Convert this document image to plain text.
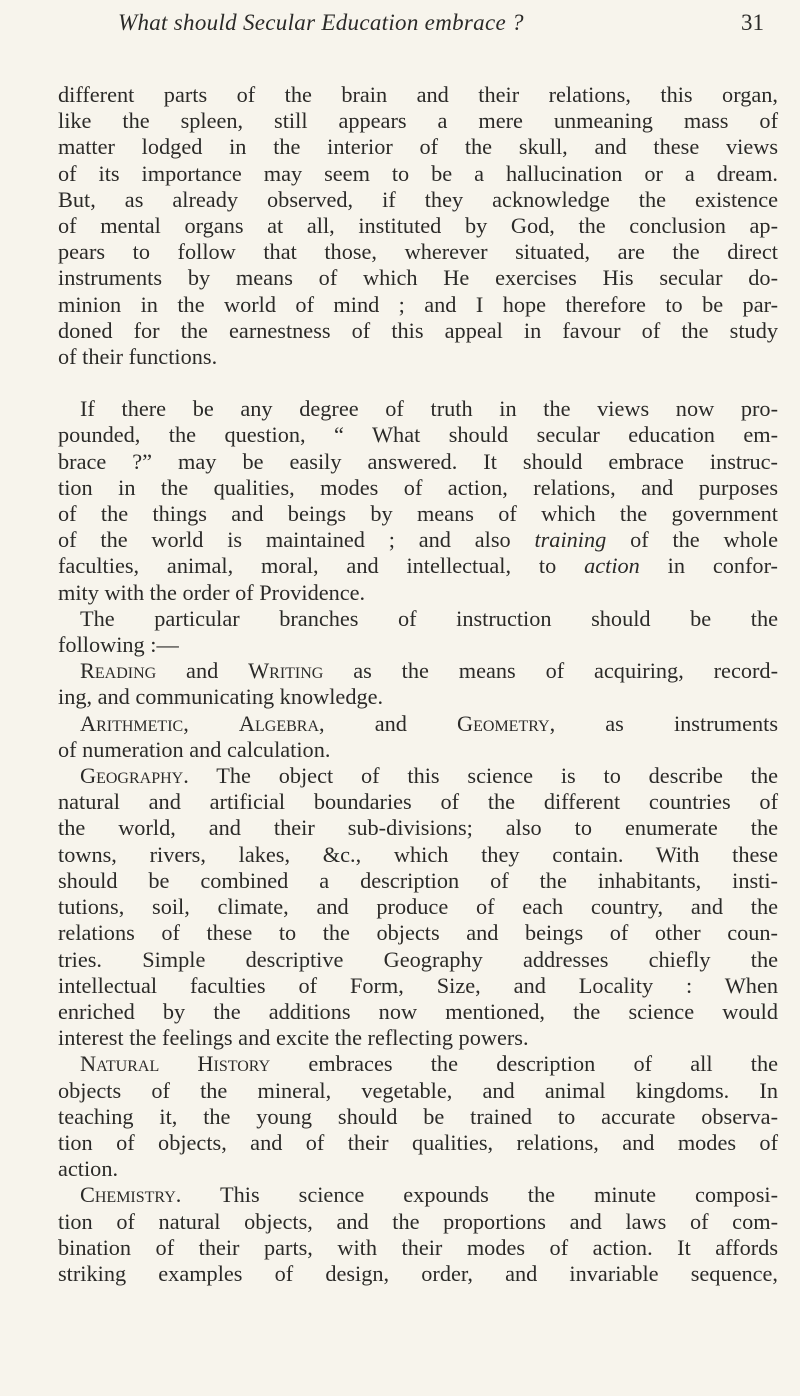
What should Secular Education embrace ?	31
different parts of the brain and their relations, this organ,
like the spleen, still appears a mere unmeaning mass of
matter lodged in the interior of the skull, and these views
of its importance may seem to be a hallucination or a dream.
But, as already observed, if they acknowledge the existence
of mental organs at all, instituted by God, the conclusion ap-
pears to follow that those, wherever situated, are the direct
instruments by means of which He exercises His secular do-
minion in the world of mind ; and I hope therefore to be par-
doned for the earnestness of this appeal in favour of the study
of their functions.
If there be any degree of truth in the views now pro-
pounded, the question, “ What should secular education em-
brace ?” may be easily answered. It should embrace instruc-
tion in the qualities, modes of action, relations, and purposes
of the things and beings by means of which the government
of the world is maintained ; and also training of the whole
faculties, animal, moral, and intellectual, to action in confor-
mity with the order of Providence.
The particular branches of instruction should be the
following :—
Reading and Writing as the means of acquiring, record-
ing, and communicating knowledge.
Arithmetic, Algebra, and Geometry, as instruments
of numeration and calculation.
Geography. The object of this science is to describe the
natural and artificial boundaries of the different countries of
the world, and their sub-divisions; also to enumerate the
towns, rivers, lakes, &c., which they contain. With these
should be combined a description of the inhabitants, insti-
tutions, soil, climate, and produce of each country, and the
relations of these to the objects and beings of other coun-
tries. Simple descriptive Geography addresses chiefly the
intellectual faculties of Form, Size, and Locality : When
enriched by the additions now mentioned, the science would
interest the feelings and excite the reflecting powers.
Natural History embraces the description of all the
objects of the mineral, vegetable, and animal kingdoms. In
teaching it, the young should be trained to accurate observa-
tion of objects, and of their qualities, relations, and modes of
action.
Chemistry. This science expounds the minute composi-
tion of natural objects, and the proportions and laws of com-
bination of their parts, with their modes of action. It affords
striking examples of design, order, and invariable sequence,
